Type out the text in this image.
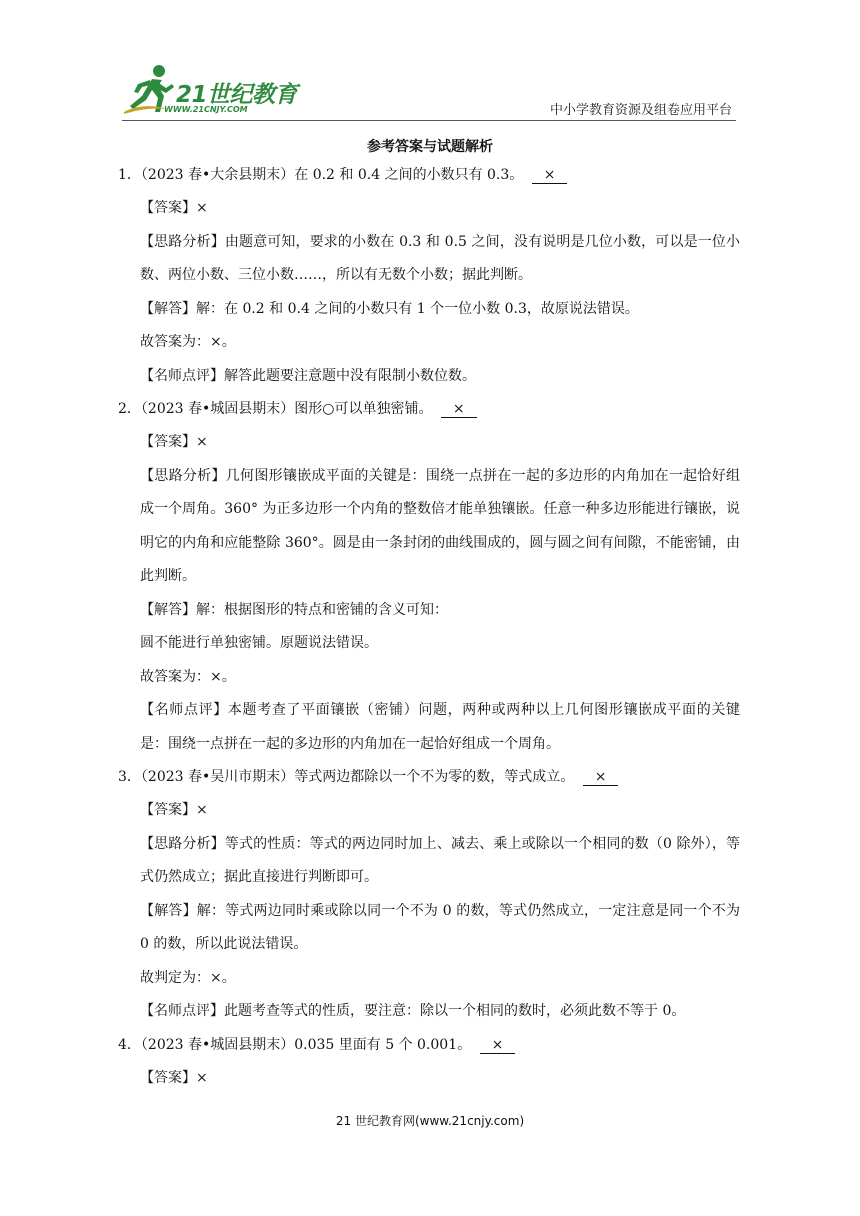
21世纪教育
WWW.21CNJY.COM	中小学教育资源及组卷应用平台
参考答案与试题解析
1．（2023 春•大余县期末）在 0.2 和 0.4 之间的小数只有 0.3。 ×
【答案】×
【思路分析】由题意可知，要求的小数在 0.3 和 0.5 之间，没有说明是几位小数，可以是一位小数、两位小数、三位小数……，所以有无数个小数；据此判断。
【解答】解：在 0.2 和 0.4 之间的小数只有 1 个一位小数 0.3，故原说法错误。
故答案为：×。
【名师点评】解答此题要注意题中没有限制小数位数。
2．（2023 春•城固县期末）图形○可以单独密铺。 ×
【答案】×
【思路分析】几何图形镶嵌成平面的关键是：围绕一点拼在一起的多边形的内角加在一起恰好组成一个周角。360° 为正多边形一个内角的整数倍才能单独镶嵌。任意一种多边形能进行镶嵌，说明它的内角和应能整除 360°。圆是由一条封闭的曲线围成的，圆与圆之间有间隙，不能密铺，由此判断。
【解答】解：根据图形的特点和密铺的含义可知：
圆不能进行单独密铺。原题说法错误。
故答案为：×。
【名师点评】本题考查了平面镶嵌（密铺）问题，两种或两种以上几何图形镶嵌成平面的关键是：围绕一点拼在一起的多边形的内角加在一起恰好组成一个周角。
3．（2023 春•吴川市期末）等式两边都除以一个不为零的数，等式成立。 ×
【答案】×
【思路分析】等式的性质：等式的两边同时加上、减去、乘上或除以一个相同的数（0 除外），等式仍然成立；据此直接进行判断即可。
【解答】解：等式两边同时乘或除以同一个不为 0 的数，等式仍然成立，一定注意是同一个不为 0 的数，所以此说法错误。
故判定为：×。
【名师点评】此题考查等式的性质，要注意：除以一个相同的数时，必须此数不等于 0。
4．（2023 春•城固县期末）0.035 里面有 5 个 0.001。 ×
【答案】×
21 世纪教育网(www.21cnjy.com)
